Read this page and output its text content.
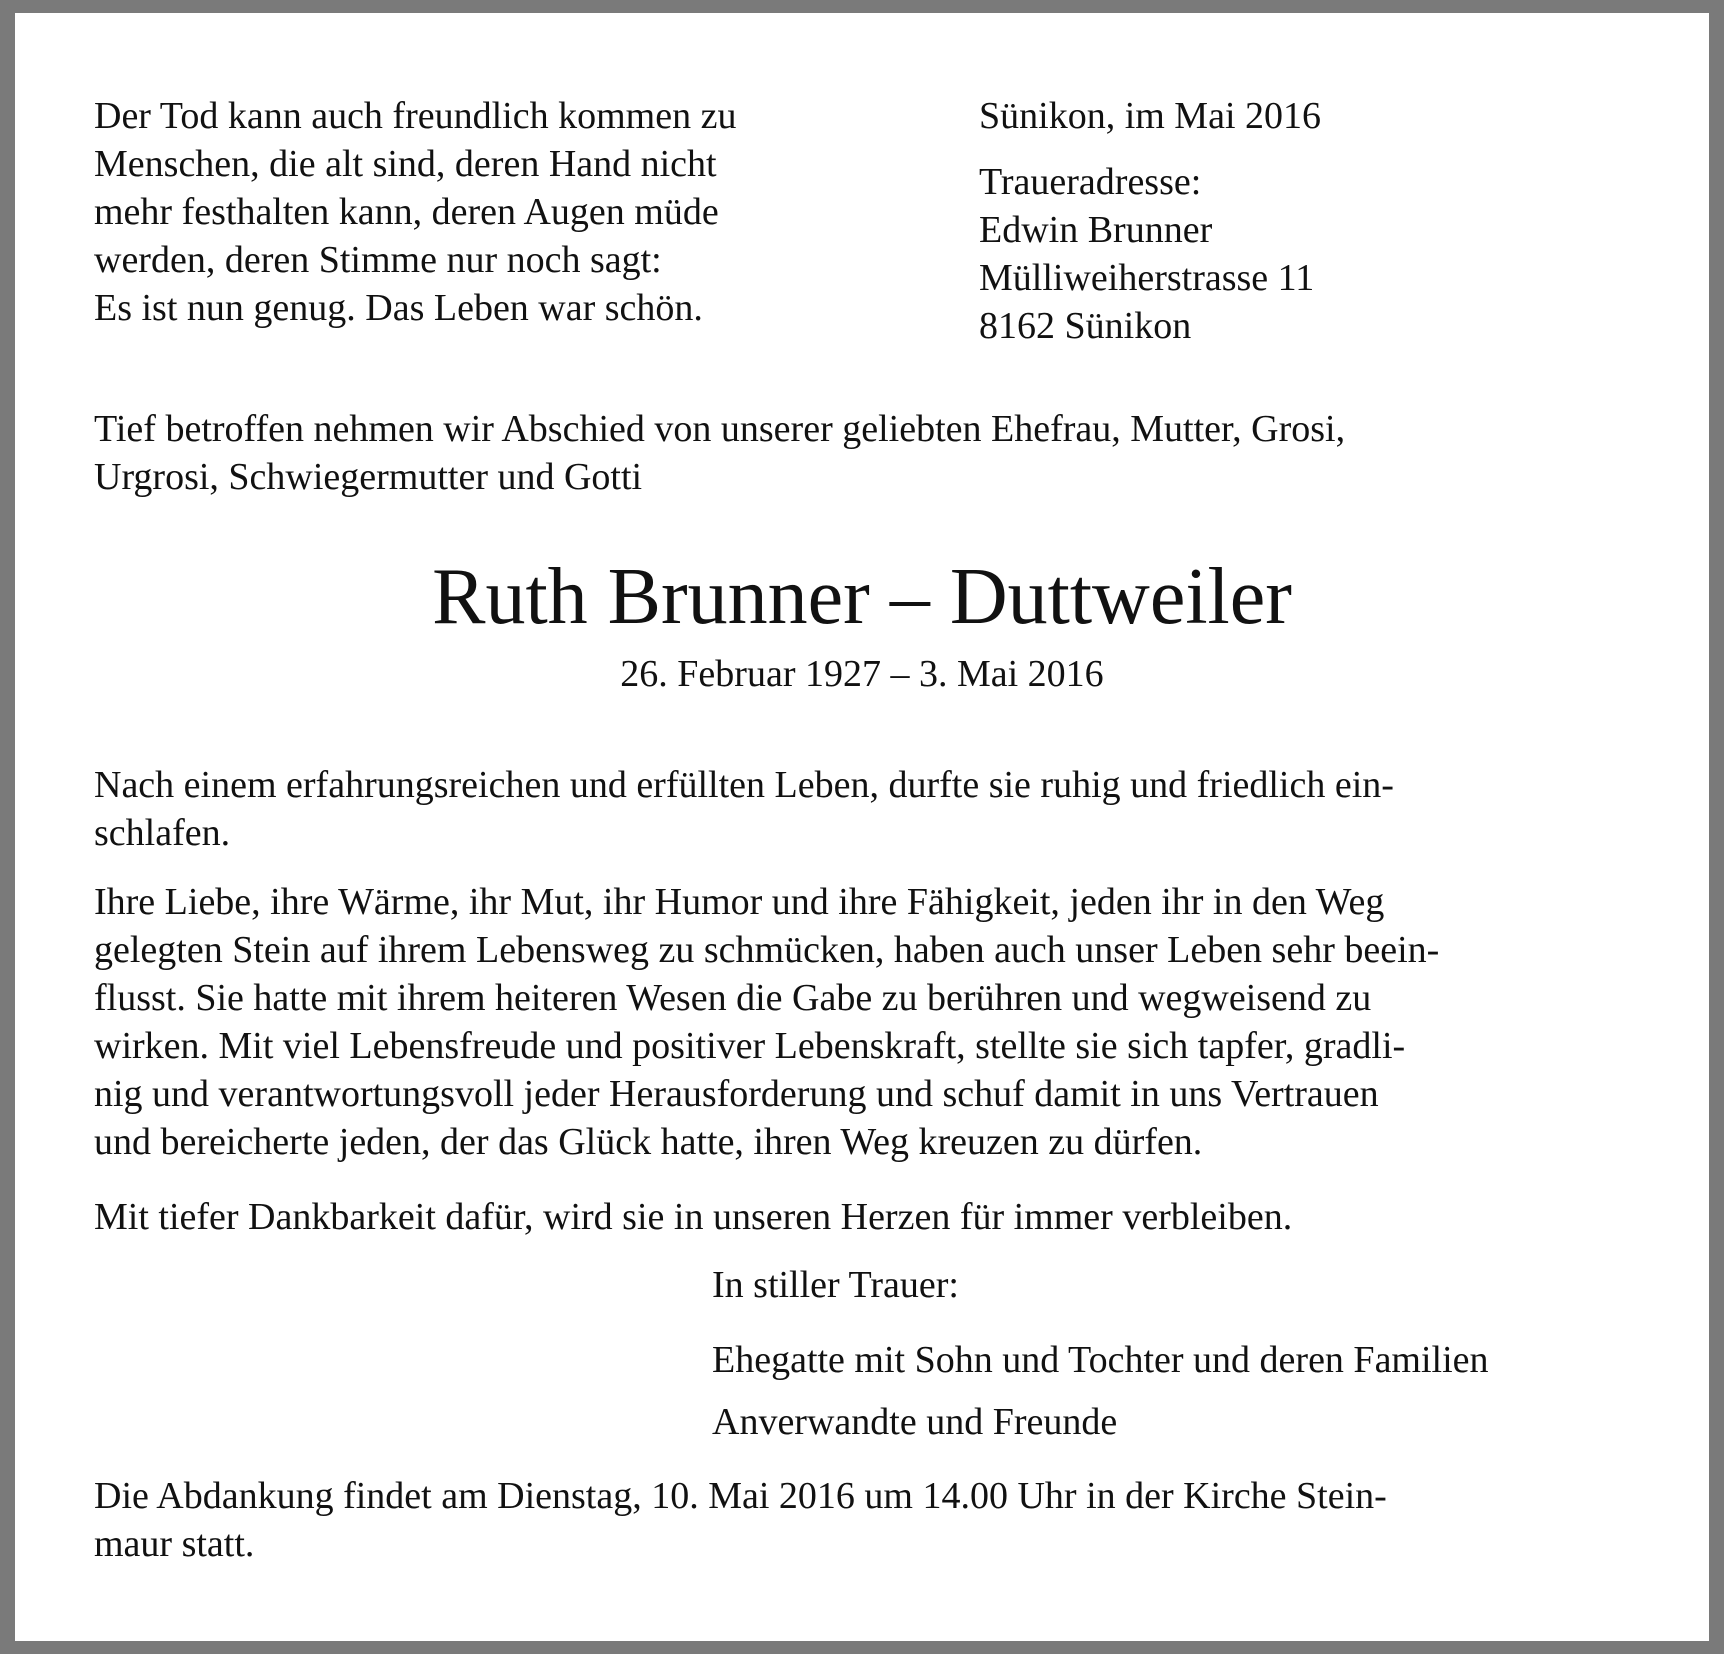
Der Tod kann auch freundlich kommen zu
Menschen, die alt sind, deren Hand nicht
mehr festhalten kann, deren Augen müde
werden, deren Stimme nur noch sagt:
Es ist nun genug. Das Leben war schön.
Sünikon, im Mai 2016
Traueradresse:
Edwin Brunner
Mülliweiherstrasse 11
8162 Sünikon
Tief betroffen nehmen wir Abschied von unserer geliebten Ehefrau, Mutter, Grosi,
Urgrosi, Schwiegermutter und Gotti
Ruth Brunner – Duttweiler
26. Februar 1927 – 3. Mai 2016
Nach einem erfahrungsreichen und erfüllten Leben, durfte sie ruhig und friedlich ein-
schlafen.
Ihre Liebe, ihre Wärme, ihr Mut, ihr Humor und ihre Fähigkeit, jeden ihr in den Weg
gelegten Stein auf ihrem Lebensweg zu schmücken, haben auch unser Leben sehr beein-
flusst. Sie hatte mit ihrem heiteren Wesen die Gabe zu berühren und wegweisend zu
wirken. Mit viel Lebensfreude und positiver Lebenskraft, stellte sie sich tapfer, gradli-
nig und verantwortungsvoll jeder Herausforderung und schuf damit in uns Vertrauen
und bereicherte jeden, der das Glück hatte, ihren Weg kreuzen zu dürfen.
Mit tiefer Dankbarkeit dafür, wird sie in unseren Herzen für immer verbleiben.
In stiller Trauer:
Ehegatte mit Sohn und Tochter und deren Familien
Anverwandte und Freunde
Die Abdankung findet am Dienstag, 10. Mai 2016 um 14.00 Uhr in der Kirche Stein-
maur statt.
